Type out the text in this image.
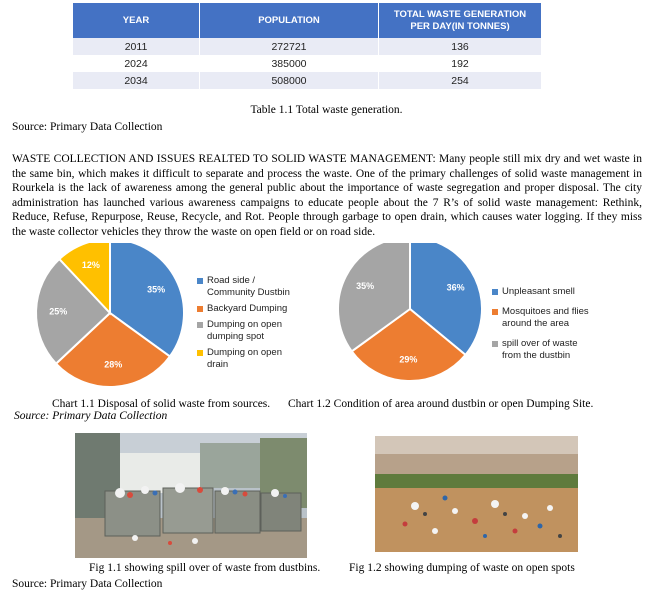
YEAR	POPULATION	TOTAL WASTE GENERATION PER DAY(IN TONNES)
2011	272721	136
2024	385000	192
2034	508000	254
Table 1.1 Total waste generation.
Source: Primary Data Collection
WASTE COLLECTION AND ISSUES REALTED TO SOLID WASTE MANAGEMENT: Many people still mix dry and wet waste in the same bin, which makes it difficult to separate and process the waste. One of the primary challenges of solid waste management in Rourkela is the lack of awareness among the general public about the importance of waste segregation and proper disposal. The city administration has launched various awareness campaigns to educate people about the 7 R’s of solid waste management: Rethink, Reduce, Refuse, Repurpose, Reuse, Recycle, and Rot. People through garbage to open drain, which causes water logging. If they miss the waste collector vehicles they throw the waste on open field or on road side.
35%
28%
25%
12%
36%
29%
35%
Road side /
Community Dustbin
Backyard Dumping
Dumping on open
dumping spot
Dumping on open
drain
Unpleasant smell
Mosquitoes and flies
around the area
spill over of waste
from the dustbin
Chart 1.1 Disposal of solid waste from sources. Chart 1.2 Condition of area around dustbin or open Dumping Site.
Source: Primary Data Collection
Fig 1.1 showing spill over of waste from dustbins. Fig 1.2 showing dumping of waste on open spots
Source: Primary Data Collection
